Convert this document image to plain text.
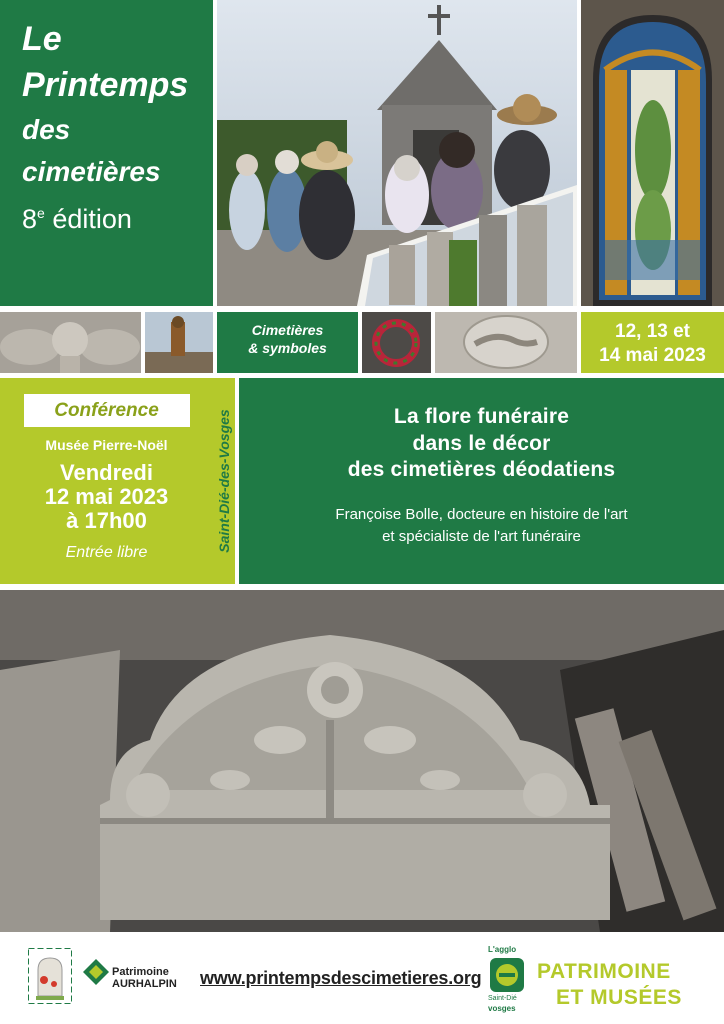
Le
Printemps
des
cimetières
8e édition
Cimetières
& symboles
12, 13 et
14 mai 2023
Conférence
Musée Pierre-Noël
Vendredi
12 mai 2023
à 17h00
Entrée libre	Saint-Dié-des-Vosges	La flore funéraire
dans le décor
des cimetières déodatiens
Françoise Bolle, docteure en histoire de l'art
et spécialiste de l'art funéraire
Patrimoine
AURHALPIN www.printempsdescimetieres.org
L'agglo
Saint-Dié
vosges
PATRIMOINE
ET MUSÉES
